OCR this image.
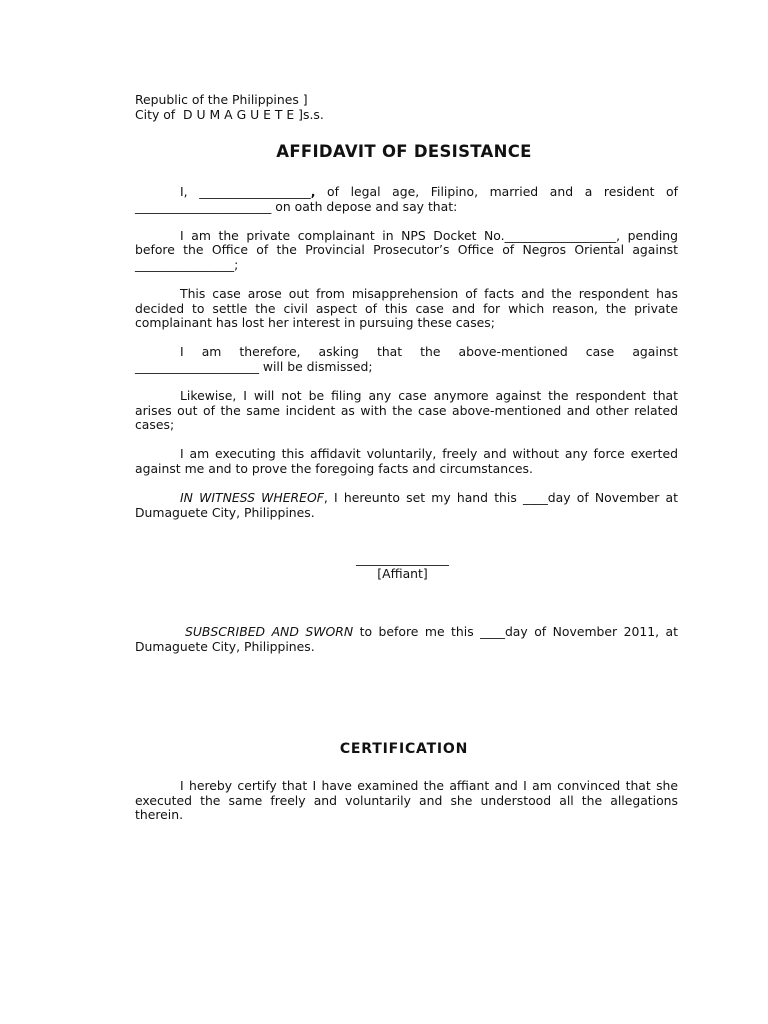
Republic of the Philippines ]
City of  D U M A G U E T E ]s.s.
AFFIDAVIT OF DESISTANCE

I, __________________, of legal age, Filipino, married and a resident of ______________________ on oath depose and say that:

I am the private complainant in NPS Docket No.__________________, pending before the Office of the Provincial Prosecutor’s Office of Negros Oriental against ________________;

This case arose out from misapprehension of facts and the respondent has decided to settle the civil aspect of this case and for which reason, the private complainant has lost her interest in pursuing these cases;

I am therefore, asking that the above-mentioned case against ____________________ will be dismissed;

Likewise, I will not be filing any case anymore against the respondent that arises out of the same incident as with the case above-mentioned and other related cases;

I am executing this affidavit voluntarily, freely and without any force exerted against me and to prove the foregoing facts and circumstances.

IN WITNESS WHEREOF, I hereunto set my hand this ____day of November at Dumaguete City, Philippines.

_______________
[Affiant]
SUBSCRIBED AND SWORN to before me this ____day of November 2011, at Dumaguete City, Philippines.
CERTIFICATION
I hereby certify that I have examined the affiant and I am convinced that she executed the same freely and voluntarily and she understood all the allegations therein.
